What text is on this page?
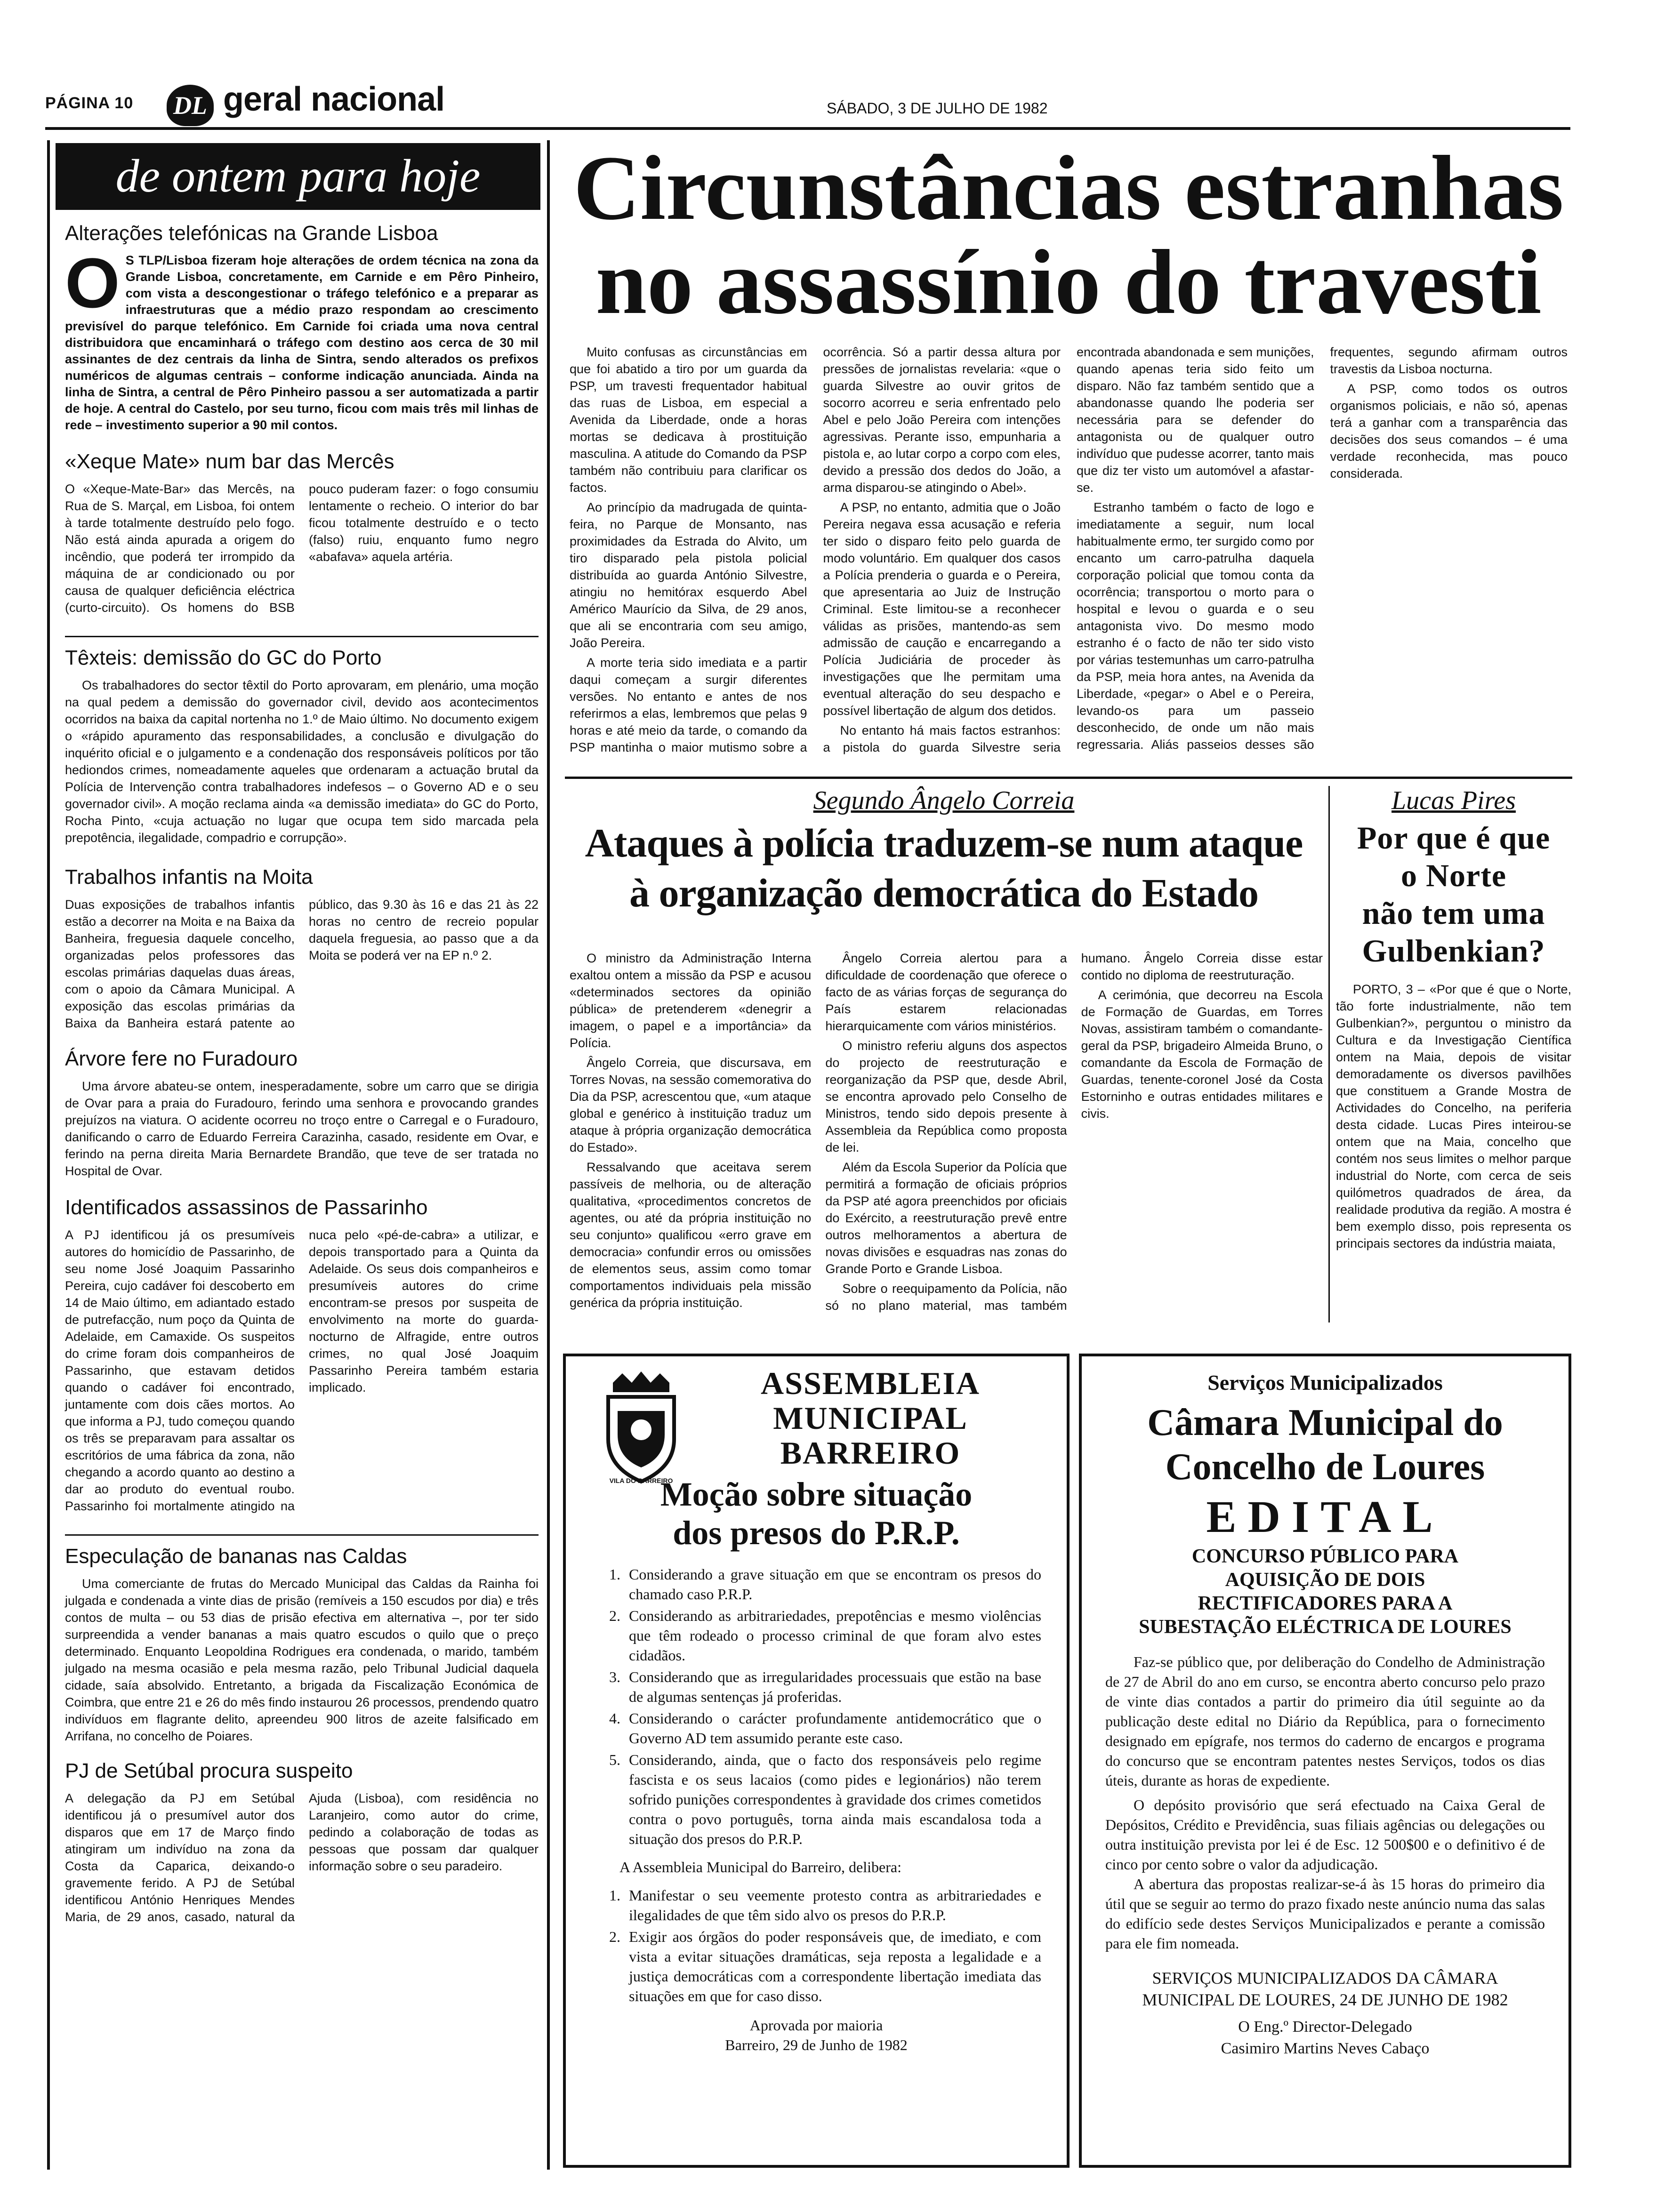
PÁGINA 10 DL geral nacional	SÁBADO, 3 DE JULHO DE 1982
de ontem para hoje
Alterações telefónicas na Grande Lisboa
O S TLP/Lisboa fizeram hoje alterações de ordem técnica na zona da Grande Lisboa, concretamente, em Carnide e em Pêro Pinheiro, com vista a descongestionar o tráfego telefónico e a preparar as infraestruturas que a médio prazo respondam ao crescimento previsível do parque telefónico. Em Carnide foi criada uma nova central distribuidora que encaminhará o tráfego com destino aos cerca de 30 mil assinantes de dez centrais da linha de Sintra, sendo alterados os prefixos numéricos de algumas centrais – conforme indicação anunciada. Ainda na linha de Sintra, a central de Pêro Pinheiro passou a ser automatizada a partir de hoje. A central do Castelo, por seu turno, ficou com mais três mil linhas de rede – investimento superior a 90 mil contos.
«Xeque Mate» num bar das Mercês
O «Xeque-Mate-Bar» das Mercês, na Rua de S. Marçal, em Lisboa, foi ontem à tarde totalmente destruído pelo fogo. Não está ainda apurada a origem do incêndio, que poderá ter irrompido da máquina de ar condicionado ou por causa de qualquer deficiência eléctrica (curto-circuito). Os homens do BSB pouco puderam fazer: o fogo consumiu lentamente o recheio. O interior do bar ficou totalmente destruído e o tecto (falso) ruiu, enquanto fumo negro «abafava» aquela artéria.
Têxteis: demissão do GC do Porto
Os trabalhadores do sector têxtil do Porto aprovaram, em plenário, uma moção na qual pedem a demissão do governador civil, devido aos acontecimentos ocorridos na baixa da capital nortenha no 1.º de Maio último. No documento exigem o «rápido apuramento das responsabilidades, a conclusão e divulgação do inquérito oficial e o julgamento e a condenação dos responsáveis políticos por tão hediondos crimes, nomeadamente aqueles que ordenaram a actuação brutal da Polícia de Intervenção contra trabalhadores indefesos – o Governo AD e o seu governador civil». A moção reclama ainda «a demissão imediata» do GC do Porto, Rocha Pinto, «cuja actuação no lugar que ocupa tem sido marcada pela prepotência, ilegalidade, compadrio e corrupção».
Trabalhos infantis na Moita
Duas exposições de trabalhos infantis estão a decorrer na Moita e na Baixa da Banheira, freguesia daquele concelho, organizadas pelos professores das escolas primárias daquelas duas áreas, com o apoio da Câmara Municipal. A exposição das escolas primárias da Baixa da Banheira estará patente ao público, das 9.30 às 16 e das 21 às 22 horas no centro de recreio popular daquela freguesia, ao passo que a da Moita se poderá ver na EP n.º 2.
Árvore fere no Furadouro
Uma árvore abateu-se ontem, inesperadamente, sobre um carro que se dirigia de Ovar para a praia do Furadouro, ferindo uma senhora e provocando grandes prejuízos na viatura. O acidente ocorreu no troço entre o Carregal e o Furadouro, danificando o carro de Eduardo Ferreira Carazinha, casado, residente em Ovar, e ferindo na perna direita Maria Bernardete Brandão, que teve de ser tratada no Hospital de Ovar.
Identificados assassinos de Passarinho
A PJ identificou já os presumíveis autores do homicídio de Passarinho, de seu nome José Joaquim Passarinho Pereira, cujo cadáver foi descoberto em 14 de Maio último, em adiantado estado de putrefacção, num poço da Quinta de Adelaide, em Camaxide. Os suspeitos do crime foram dois companheiros de Passarinho, que estavam detidos quando o cadáver foi encontrado, juntamente com dois cães mortos. Ao que informa a PJ, tudo começou quando os três se preparavam para assaltar os escritórios de uma fábrica da zona, não chegando a acordo quanto ao destino a dar ao produto do eventual roubo. Passarinho foi mortalmente atingido na nuca pelo «pé-de-cabra» a utilizar, e depois transportado para a Quinta da Adelaide. Os seus dois companheiros e presumíveis autores do crime encontram-se presos por suspeita de envolvimento na morte do guarda-nocturno de Alfragide, entre outros crimes, no qual José Joaquim Passarinho Pereira também estaria implicado.
Especulação de bananas nas Caldas
Uma comerciante de frutas do Mercado Municipal das Caldas da Rainha foi julgada e condenada a vinte dias de prisão (remíveis a 150 escudos por dia) e três contos de multa – ou 53 dias de prisão efectiva em alternativa –, por ter sido surpreendida a vender bananas a mais quatro escudos o quilo que o preço determinado. Enquanto Leopoldina Rodrigues era condenada, o marido, também julgado na mesma ocasião e pela mesma razão, pelo Tribunal Judicial daquela cidade, saía absolvido. Entretanto, a brigada da Fiscalização Económica de Coimbra, que entre 21 e 26 do mês findo instaurou 26 processos, prendendo quatro indivíduos em flagrante delito, apreendeu 900 litros de azeite falsificado em Arrifana, no concelho de Poiares.
PJ de Setúbal procura suspeito
A delegação da PJ em Setúbal identificou já o presumível autor dos disparos que em 17 de Março findo atingiram um indivíduo na zona da Costa da Caparica, deixando-o gravemente ferido. A PJ de Setúbal identificou António Henriques Mendes Maria, de 29 anos, casado, natural da Ajuda (Lisboa), com residência no Laranjeiro, como autor do crime, pedindo a colaboração de todas as pessoas que possam dar qualquer informação sobre o seu paradeiro.
Circunstâncias estranhas
no assassínio do travesti

Muito confusas as circunstâncias em que foi abatido a tiro por um guarda da PSP, um travesti frequentador habitual das ruas de Lisboa, em especial a Avenida da Liberdade, onde a horas mortas se dedicava à prostituição masculina. A atitude do Comando da PSP também não contribuiu para clarificar os factos.

Ao princípio da madrugada de quinta-feira, no Parque de Monsanto, nas proximidades da Estrada do Alvito, um tiro disparado pela pistola policial distribuída ao guarda António Silvestre, atingiu no hemitórax esquerdo Abel Américo Maurício da Silva, de 29 anos, que ali se encontraria com seu amigo, João Pereira.

A morte teria sido imediata e a partir daqui começam a surgir diferentes versões. No entanto e antes de nos referirmos a elas, lembremos que pelas 9 horas e até meio da tarde, o comando da PSP mantinha o maior mutismo sobre a ocorrência. Só a partir dessa altura por pressões de jornalistas revelaria: «que o guarda Silvestre ao ouvir gritos de socorro acorreu e seria enfrentado pelo Abel e pelo João Pereira com intenções agressivas. Perante isso, empunharia a pistola e, ao lutar corpo a corpo com eles, devido a pressão dos dedos do João, a arma disparou-se atingindo o Abel».

A PSP, no entanto, admitia que o João Pereira negava essa acusação e referia ter sido o disparo feito pelo guarda de modo voluntário. Em qualquer dos casos a Polícia prenderia o guarda e o Pereira, que apresentaria ao Juiz de Instrução Criminal. Este limitou-se a reconhecer válidas as prisões, mantendo-as sem admissão de caução e encarregando a Polícia Judiciária de proceder às investigações que lhe permitam uma eventual alteração do seu despacho e possível libertação de algum dos detidos.

No entanto há mais factos estranhos: a pistola do guarda Silvestre seria encontrada abandonada e sem munições, quando apenas teria sido feito um disparo. Não faz também sentido que a abandonasse quando lhe poderia ser necessária para se defender do antagonista ou de qualquer outro indivíduo que pudesse acorrer, tanto mais que diz ter visto um automóvel a afastar-se.

Estranho também o facto de logo e imediatamente a seguir, num local habitualmente ermo, ter surgido como por encanto um carro-patrulha daquela corporação policial que tomou conta da ocorrência; transportou o morto para o hospital e levou o guarda e o seu antagonista vivo. Do mesmo modo estranho é o facto de não ter sido visto por várias testemunhas um carro-patrulha da PSP, meia hora antes, na Avenida da Liberdade, «pegar» o Abel e o Pereira, levando-os para um passeio desconhecido, de onde um não mais regressaria. Aliás passeios desses são frequentes, segundo afirmam outros travestis da Lisboa nocturna.

A PSP, como todos os outros organismos policiais, e não só, apenas terá a ganhar com a transparência das decisões dos seus comandos – é uma verdade reconhecida, mas pouco considerada.

Segundo Ângelo Correia
Ataques à polícia traduzem-se num ataque
à organização democrática do Estado

O ministro da Administração Interna exaltou ontem a missão da PSP e acusou «determinados sectores da opinião pública» de pretenderem «denegrir a imagem, o papel e a importância» da Polícia.

Ângelo Correia, que discursava, em Torres Novas, na sessão comemorativa do Dia da PSP, acrescentou que, «um ataque global e genérico à instituição traduz um ataque à própria organização democrática do Estado».

Ressalvando que aceitava serem passíveis de melhoria, ou de alteração qualitativa, «procedimentos concretos de agentes, ou até da própria instituição no seu conjunto» qualificou «erro grave em democracia» confundir erros ou omissões de elementos seus, assim como tomar comportamentos individuais pela missão genérica da própria instituição.

Ângelo Correia alertou para a dificuldade de coordenação que oferece o facto de as várias forças de segurança do País estarem relacionadas hierarquicamente com vários ministérios.

O ministro referiu alguns dos aspectos do projecto de reestruturação e reorganização da PSP que, desde Abril, se encontra aprovado pelo Conselho de Ministros, tendo sido depois presente à Assembleia da República como proposta de lei.

Além da Escola Superior da Polícia que permitirá a formação de oficiais próprios da PSP até agora preenchidos por oficiais do Exército, a reestruturação prevê entre outros melhoramentos a abertura de novas divisões e esquadras nas zonas do Grande Porto e Grande Lisboa.

Sobre o reequipamento da Polícia, não só no plano material, mas também humano. Ângelo Correia disse estar contido no diploma de reestruturação.

A cerimónia, que decorreu na Escola de Formação de Guardas, em Torres Novas, assistiram também o comandante-geral da PSP, brigadeiro Almeida Bruno, o comandante da Escola de Formação de Guardas, tenente-coronel José da Costa Estorninho e outras entidades militares e civis.

Lucas Pires
Por que é que
o Norte
não tem uma
Gulbenkian?
PORTO, 3 – «Por que é que o Norte, tão forte industrialmente, não tem Gulbenkian?», perguntou o ministro da Cultura e da Investigação Científica ontem na Maia, depois de visitar demoradamente os diversos pavilhões que constituem a Grande Mostra de Actividades do Concelho, na periferia desta cidade. Lucas Pires inteirou-se ontem que na Maia, concelho que contém nos seus limites o melhor parque industrial do Norte, com cerca de seis quilómetros quadrados de área, da realidade produtiva da região. A mostra é bem exemplo disso, pois representa os principais sectores da indústria maiata,
VILA DO BARREIRO
ASSEMBLEIA
MUNICIPAL
BARREIRO
Moção sobre situação
dos presos do P.R.P.
1. Considerando a grave situação em que se encontram os presos do chamado caso P.R.P.
2. Considerando as arbitrariedades, prepotências e mesmo violências que têm rodeado o processo criminal de que foram alvo estes cidadãos.
3. Considerando que as irregularidades processuais que estão na base de algumas sentenças já proferidas.
4. Considerando o carácter profundamente antidemocrático que o Governo AD tem assumido perante este caso.
5. Considerando, ainda, que o facto dos responsáveis pelo regime fascista e os seus lacaios (como pides e legionários) não terem sofrido punições correspondentes à gravidade dos crimes cometidos contra o povo português, torna ainda mais escandalosa toda a situação dos presos do P.R.P.
A Assembleia Municipal do Barreiro, delibera:
1. Manifestar o seu veemente protesto contra as arbitrariedades e ilegalidades de que têm sido alvo os presos do P.R.P.
2. Exigir aos órgãos do poder responsáveis que, de imediato, e com vista a evitar situações dramáticas, seja reposta a legalidade e a justiça democráticas com a correspondente libertação imediata das situações em que for caso disso.
Aprovada por maioria
Barreiro, 29 de Junho de 1982
Serviços Municipalizados
Câmara Municipal do
Concelho de Loures
EDITAL
CONCURSO PÚBLICO PARA
AQUISIÇÃO DE DOIS
RECTIFICADORES PARA A
SUBESTAÇÃO ELÉCTRICA DE LOURES

Faz-se público que, por deliberação do Condelho de Administração de 27 de Abril do ano em curso, se encontra aberto concurso pelo prazo de vinte dias contados a partir do primeiro dia útil seguinte ao da publicação deste edital no Diário da República, para o fornecimento designado em epígrafe, nos termos do caderno de encargos e programa do concurso que se encontram patentes nestes Serviços, todos os dias úteis, durante as horas de expediente.

O depósito provisório que será efectuado na Caixa Geral de Depósitos, Crédito e Previdência, suas filiais agências ou delegações ou outra instituição prevista por lei é de Esc. 12 500$00 e o definitivo é de cinco por cento sobre o valor da adjudicação.

A abertura das propostas realizar-se-á às 15 horas do primeiro dia útil que se seguir ao termo do prazo fixado neste anúncio numa das salas do edifício sede destes Serviços Municipalizados e perante a comissão para ele fim nomeada.

SERVIÇOS MUNICIPALIZADOS DA CÂMARA
MUNICIPAL DE LOURES, 24 DE JUNHO DE 1982
O Eng.º Director-Delegado
Casimiro Martins Neves Cabaço
